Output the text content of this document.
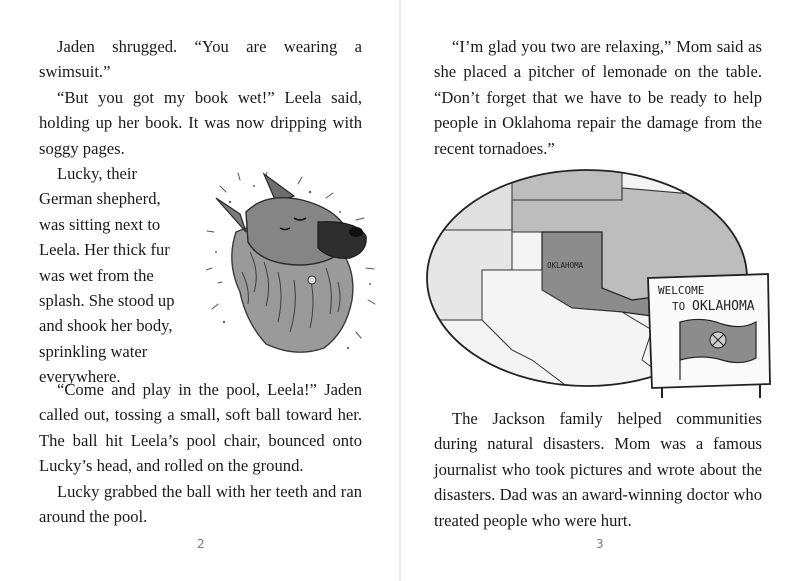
Jaden shrugged. “You are wearing a swimsuit.”

“But you got my book wet!” Leela said, holding up her book. It was now dripping with soggy pages.

Lucky, their
German shepherd,
was sitting next to
Leela. Her thick fur
was wet from the
splash. She stood up
and shook her body,
sprinkling water
everywhere.

“Come and play in the pool, Leela!” Jaden called out, tossing a small, soft ball toward her. The ball hit Leela’s pool chair, bounced onto Lucky’s head, and rolled on the ground.

Lucky grabbed the ball with her teeth and ran around the pool.

2

“I’m glad you two are relaxing,” Mom said as she placed a pitcher of lemonade on the table. “Don’t forget that we have to be ready to help people in Oklahoma repair the damage from the recent tornadoes.”

OKLAHOMA
WELCOME
TO OKLAHOMA

The Jackson family helped communities during natural disasters. Mom was a famous journalist who took pictures and wrote about the disasters. Dad was an award-winning doctor who treated people who were hurt.

3
